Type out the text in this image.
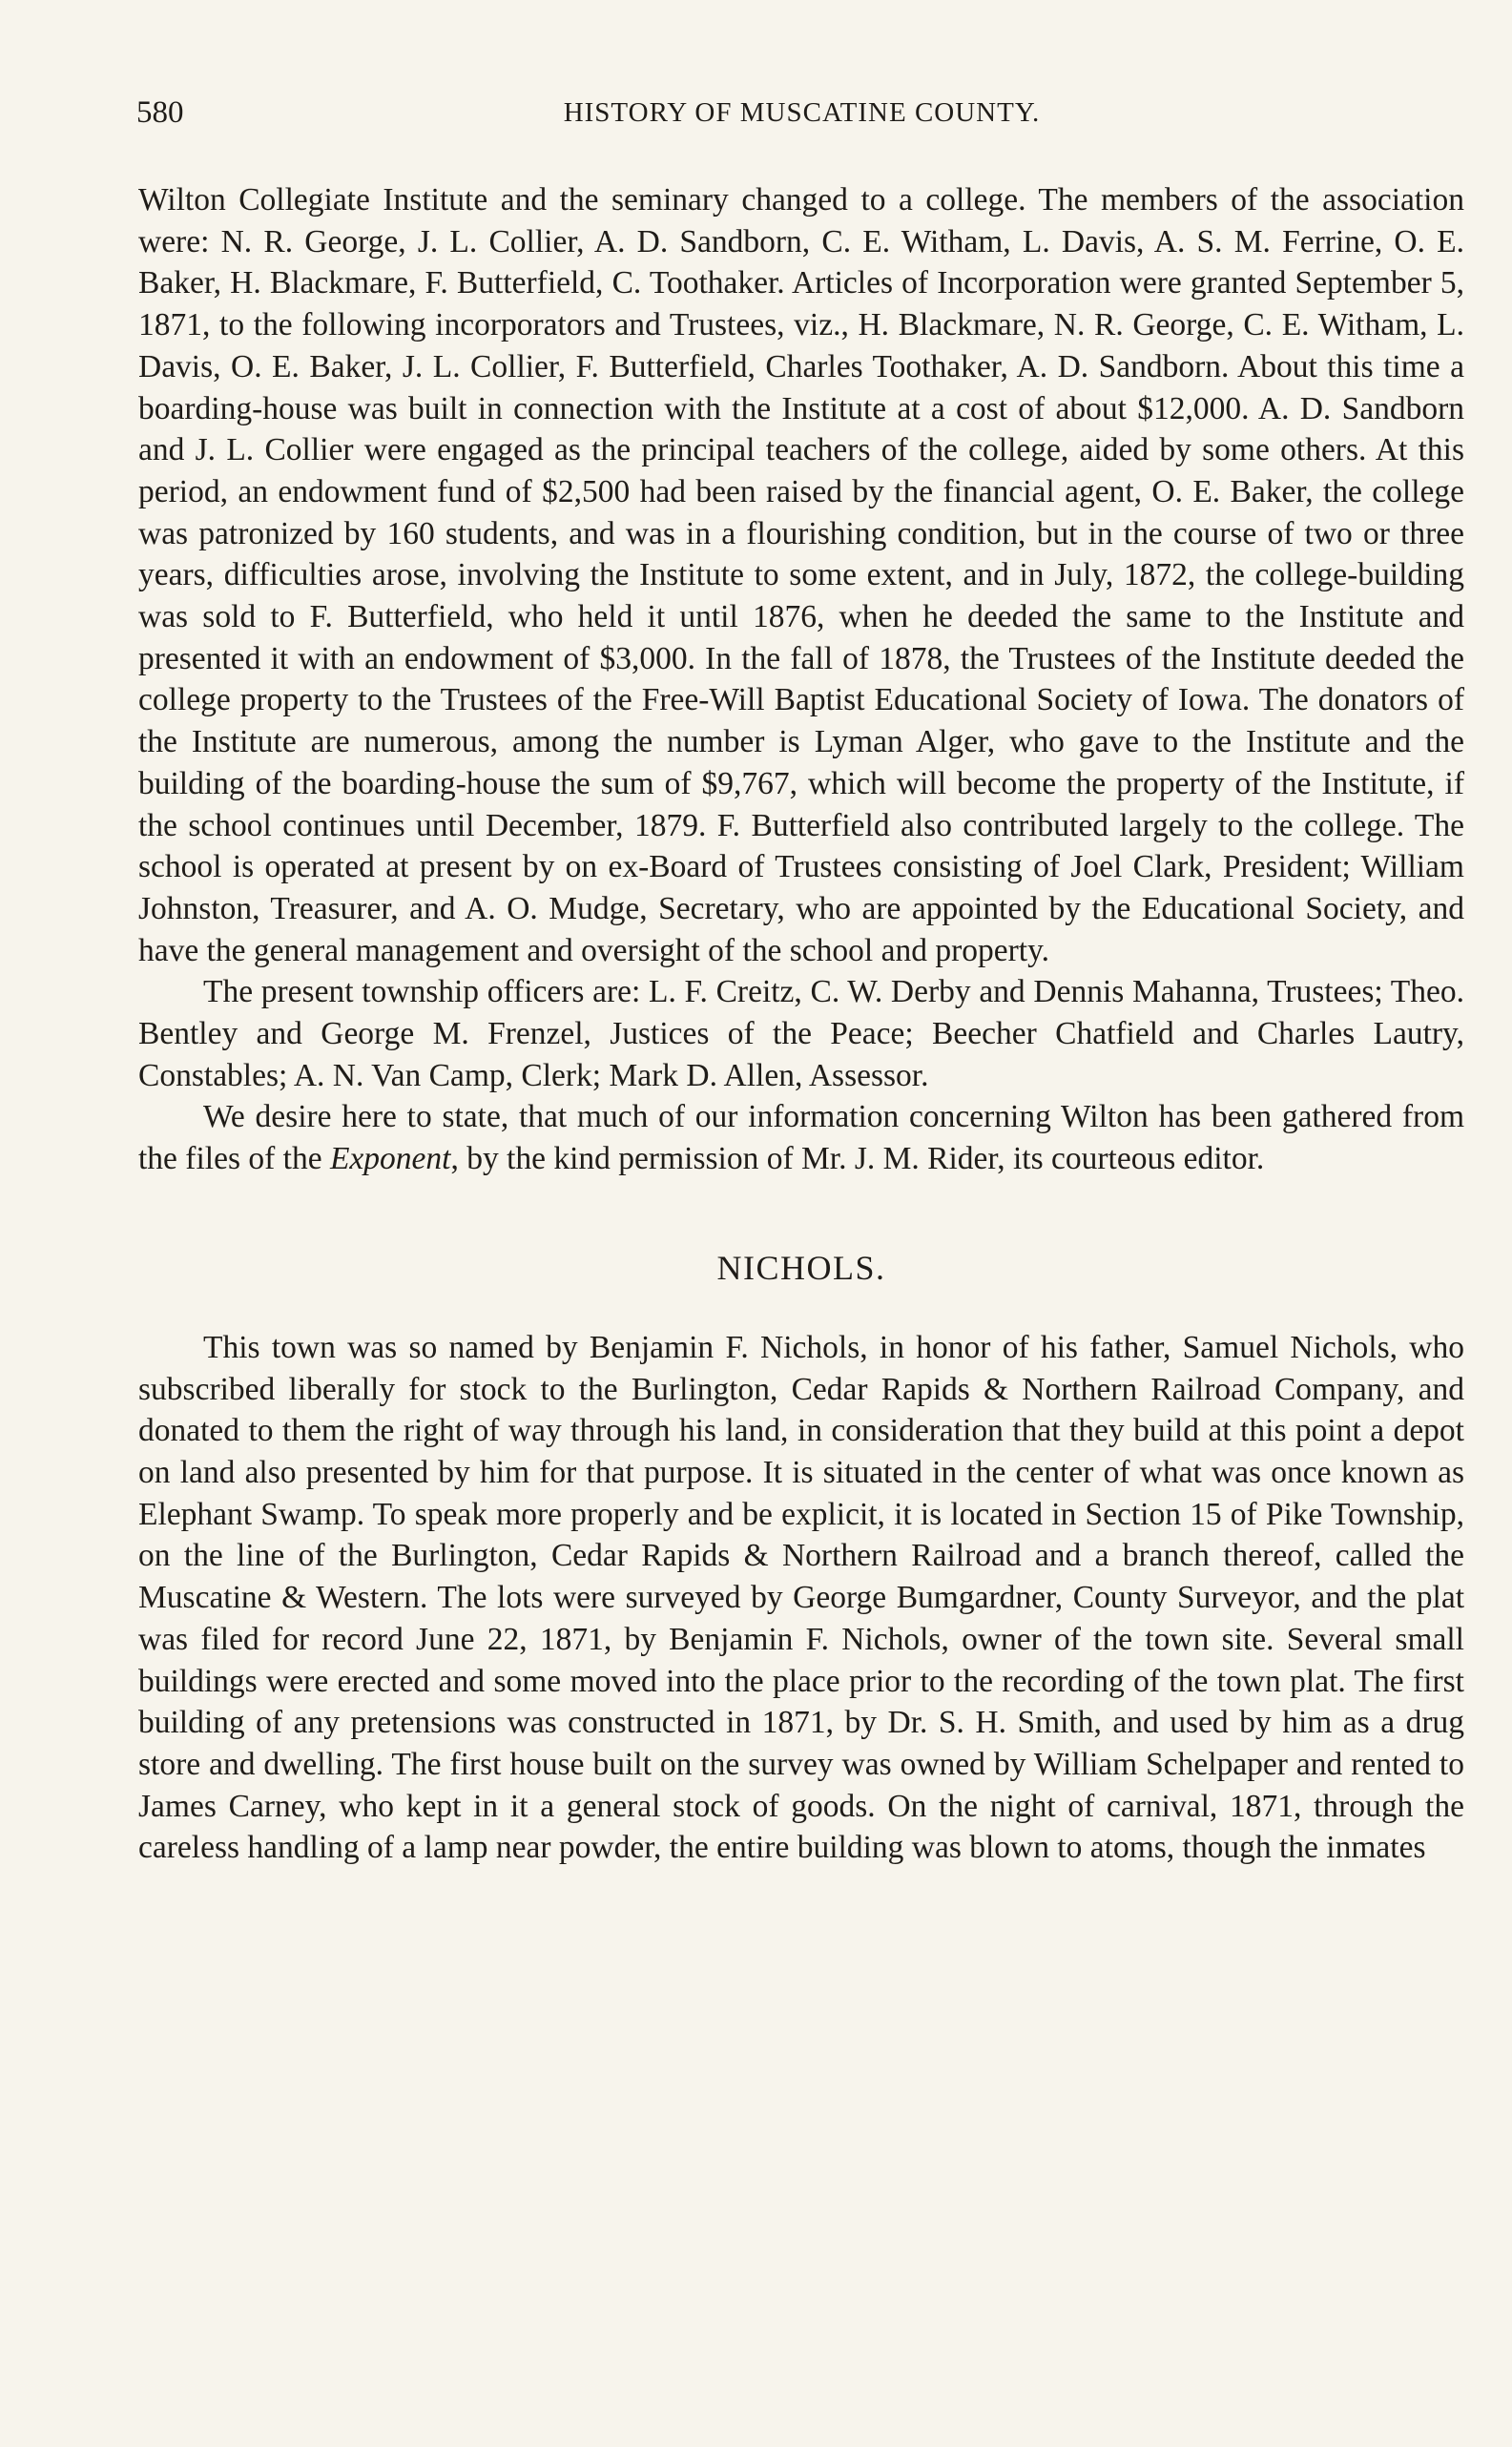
580	HISTORY OF MUSCATINE COUNTY.

Wilton Collegiate Institute and the seminary changed to a college. The members of the association were: N. R. George, J. L. Collier, A. D. Sandborn, C. E. Witham, L. Davis, A. S. M. Ferrine, O. E. Baker, H. Blackmare, F. Butterfield, C. Toothaker. Articles of Incorporation were granted September 5, 1871, to the following incorporators and Trustees, viz., H. Blackmare, N. R. George, C. E. Witham, L. Davis, O. E. Baker, J. L. Collier, F. Butterfield, Charles Toothaker, A. D. Sandborn. About this time a boarding-house was built in connection with the Institute at a cost of about $12,000. A. D. Sandborn and J. L. Collier were engaged as the principal teachers of the college, aided by some others. At this period, an endowment fund of $2,500 had been raised by the financial agent, O. E. Baker, the college was patronized by 160 students, and was in a flourishing condition, but in the course of two or three years, difficulties arose, involving the Institute to some extent, and in July, 1872, the college-building was sold to F. Butterfield, who held it until 1876, when he deeded the same to the Institute and presented it with an endowment of $3,000. In the fall of 1878, the Trustees of the Institute deeded the college property to the Trustees of the Free-Will Baptist Educational Society of Iowa. The donators of the Institute are numerous, among the number is Lyman Alger, who gave to the Institute and the building of the boarding-house the sum of $9,767, which will become the property of the Institute, if the school continues until December, 1879. F. Butterfield also contributed largely to the college. The school is operated at present by on ex-Board of Trustees consisting of Joel Clark, President; William Johnston, Treasurer, and A. O. Mudge, Secretary, who are appointed by the Educational Society, and have the general management and oversight of the school and property.

The present township officers are: L. F. Creitz, C. W. Derby and Dennis Mahanna, Trustees; Theo. Bentley and George M. Frenzel, Justices of the Peace; Beecher Chatfield and Charles Lautry, Constables; A. N. Van Camp, Clerk; Mark D. Allen, Assessor.

We desire here to state, that much of our information concerning Wilton has been gathered from the files of the Exponent, by the kind permission of Mr. J. M. Rider, its courteous editor.

NICHOLS.

This town was so named by Benjamin F. Nichols, in honor of his father, Samuel Nichols, who subscribed liberally for stock to the Burlington, Cedar Rapids & Northern Railroad Company, and donated to them the right of way through his land, in consideration that they build at this point a depot on land also presented by him for that purpose. It is situated in the center of what was once known as Elephant Swamp. To speak more properly and be explicit, it is located in Section 15 of Pike Township, on the line of the Burlington, Cedar Rapids & Northern Railroad and a branch thereof, called the Muscatine & Western. The lots were surveyed by George Bumgardner, County Surveyor, and the plat was filed for record June 22, 1871, by Benjamin F. Nichols, owner of the town site. Several small buildings were erected and some moved into the place prior to the recording of the town plat. The first building of any pretensions was constructed in 1871, by Dr. S. H. Smith, and used by him as a drug store and dwelling. The first house built on the survey was owned by William Schelpaper and rented to James Carney, who kept in it a general stock of goods. On the night of carnival, 1871, through the careless handling of a lamp near powder, the entire building was blown to atoms, though the inmates
